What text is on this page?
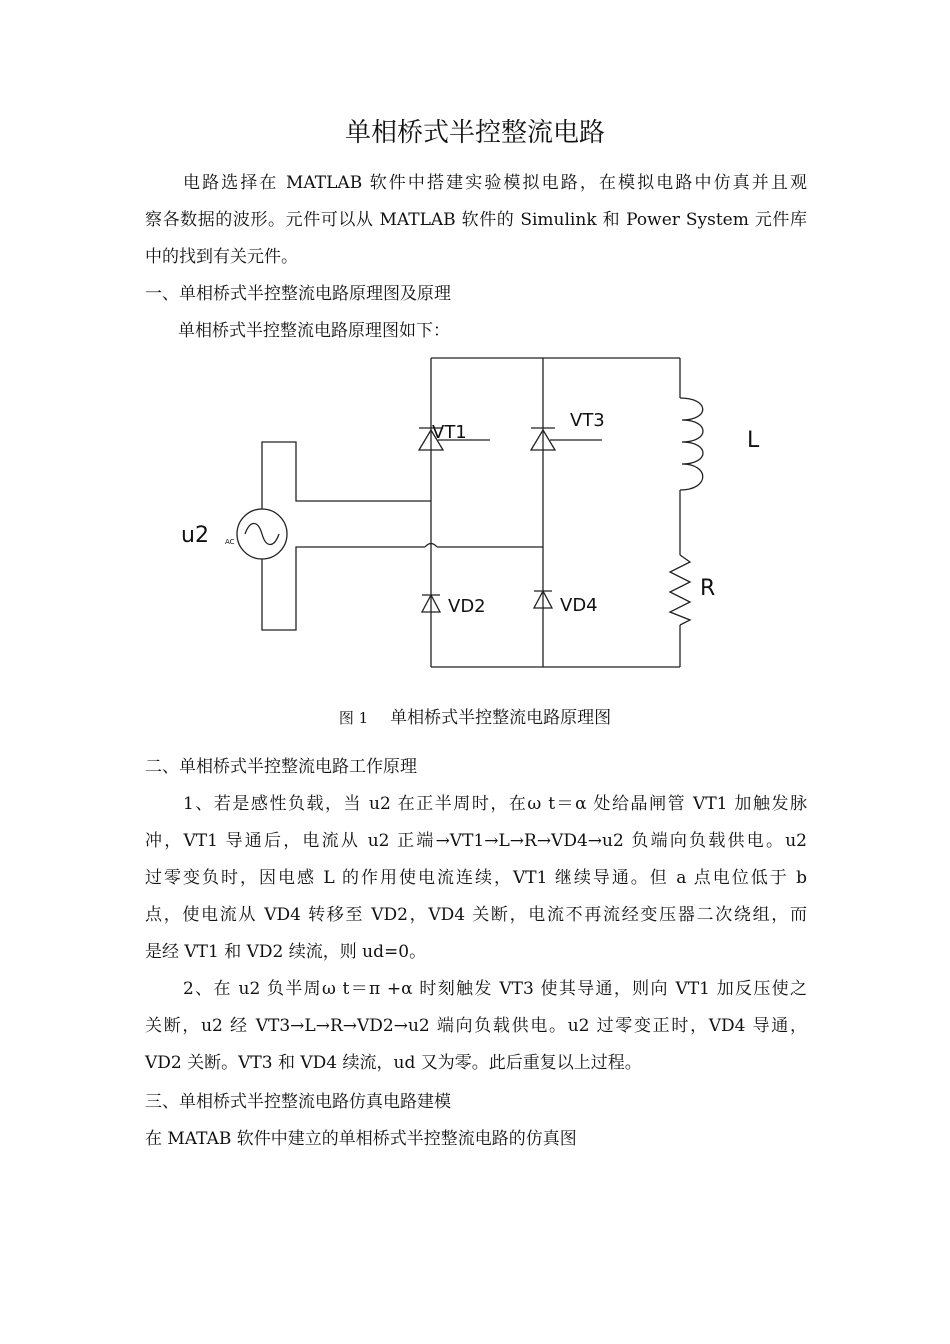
单相桥式半控整流电路
电路选择在 MATLAB 软件中搭建实验模拟电路，在模拟电路中仿真并且观
察各数据的波形。元件可以从 MATLAB 软件的 Simulink 和 Power System 元件库
中的找到有关元件。
一、单相桥式半控整流电路原理图及原理
单相桥式半控整流电路原理图如下：
VT1
VT3
VD2	VD4
L
R
u2 AC
图 1 单相桥式半控整流电路原理图
二、单相桥式半控整流电路工作原理
1、若是感性负载，当 u2 在正半周时，在ω t＝α 处给晶闸管 VT1 加触发脉
冲，VT1 导通后，电流从 u2 正端→VT1→L→R→VD4→u2 负端向负载供电。u2
过零变负时，因电感 L 的作用使电流连续，VT1 继续导通。但 a 点电位低于 b
点，使电流从 VD4 转移至 VD2，VD4 关断，电流不再流经变压器二次绕组，而
是经 VT1 和 VD2 续流，则 ud=0。
2、在 u2 负半周ω t＝π +α 时刻触发 VT3 使其导通，则向 VT1 加反压使之
关断，u2 经 VT3→L→R→VD2→u2 端向负载供电。u2 过零变正时，VD4 导通，
VD2 关断。VT3 和 VD4 续流，ud 又为零。此后重复以上过程。
三、单相桥式半控整流电路仿真电路建模
在 MATAB 软件中建立的单相桥式半控整流电路的仿真图
